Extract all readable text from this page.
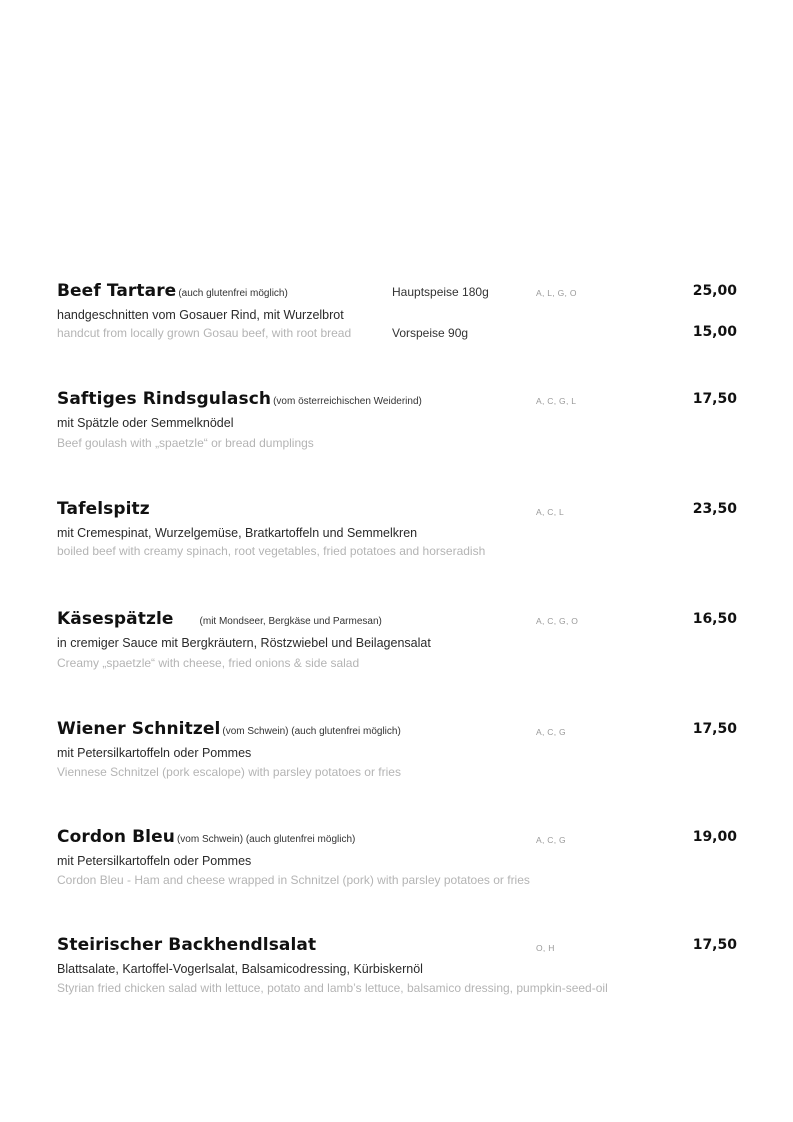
Beef Tartare (auch glutenfrei möglich)	Hauptspeise 180g	A, L, G, O	25,00
handgeschnitten vom Gosauer Rind, mit Wurzelbrot
handcut from locally grown Gosau beef, with root bread	Vorspeise 90g	15,00
Saftiges Rindsgulasch (vom österreichischen Weiderind)	A, C, G, L	17,50
mit Spätzle oder Semmelknödel
Beef goulash with „spaetzle“ or bread dumplings
Tafelspitz	A, C, L	23,50
mit Cremespinat, Wurzelgemüse, Bratkartoffeln und Semmelkren
boiled beef with creamy spinach, root vegetables, fried potatoes and horseradish
Käsespätzle	(mit Mondseer, Bergkäse und Parmesan)	A, C, G, O	16,50
in cremiger Sauce mit Bergkräutern, Röstzwiebel und Beilagensalat
Creamy „spaetzle“ with cheese, fried onions & side salad
Wiener Schnitzel (vom Schwein) (auch glutenfrei möglich)	A, C, G	17,50
mit Petersilkartoffeln oder Pommes
Viennese Schnitzel (pork escalope) with parsley potatoes or fries
Cordon Bleu (vom Schwein) (auch glutenfrei möglich)	A, C, G	19,00
mit Petersilkartoffeln oder Pommes
Cordon Bleu - Ham and cheese wrapped in Schnitzel (pork) with parsley potatoes or fries
Steirischer Backhendlsalat	O, H	17,50
Blattsalate, Kartoffel-Vogerlsalat, Balsamicodressing, Kürbiskernöl
Styrian fried chicken salad with lettuce, potato and lamb’s lettuce, balsamico dressing, pumpkin-seed-oil
